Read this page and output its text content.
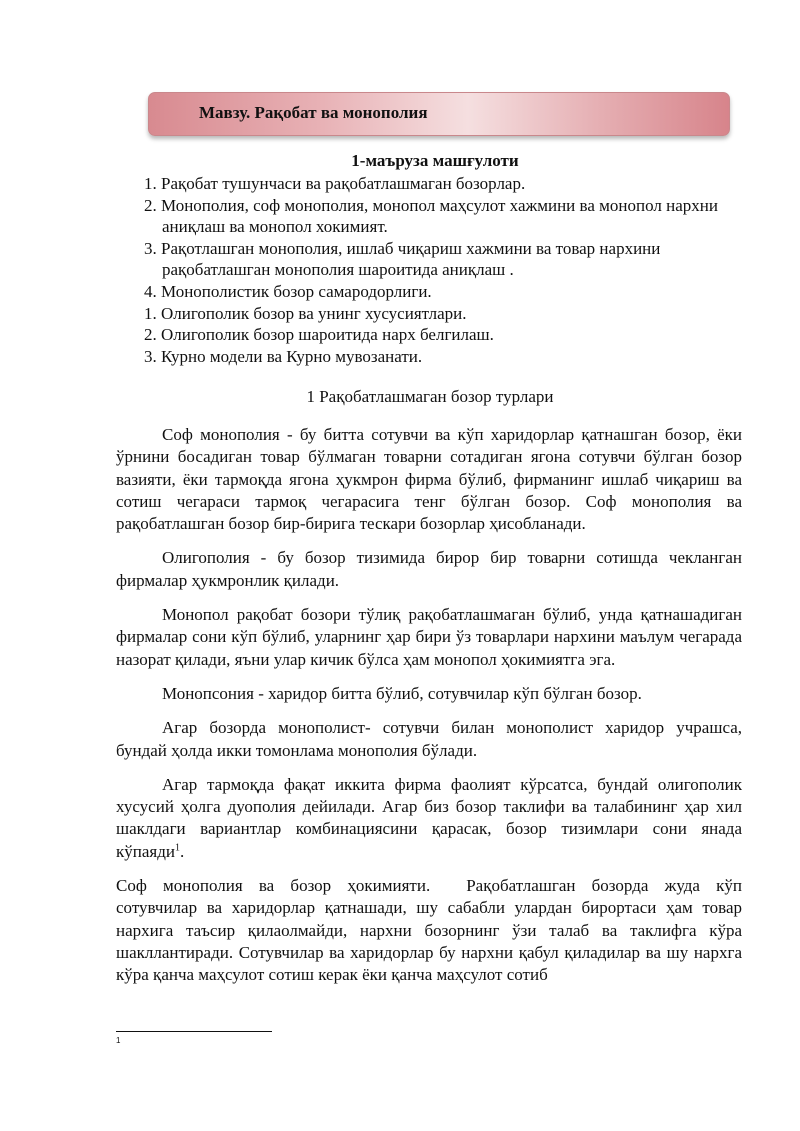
Мавзу. Рақобат ва монополия
1-маъруза машғулоти
1. Рақобат тушунчаси ва рақобатлашмаган бозорлар.
2. Монополия, соф монополия, монопол маҳсулот хажмини ва монопол нархни аниқлаш ва монопол хокимият.
3. Рақотлашган монополия, ишлаб чиқариш хажмини ва товар нархини рақобатлашган монополия шароитида аниқлаш .
4. Монополистик бозор самародорлиги.
1. Олигополик бозор ва унинг хусусиятлари.
2. Олигополик бозор шароитида нарх белгилаш.
3. Курно модели ва Курно мувозанати.
1 Рақобатлашмаган бозор турлари

Соф монополия - бу битта сотувчи ва кўп харидорлар қатнашган бозор, ёки ўрнини босадиган товар бўлмаган товарни сотадиган ягона сотувчи бўлган бозор вазияти, ёки тармоқда ягона ҳукмрон фирма бўлиб, фирманинг ишлаб чиқариш ва сотиш чегараси тармоқ чегарасига тенг бўлган бозор. Соф монополия ва рақобатлашган бозор бир-бирига тескари бозорлар ҳисобланади.

Олигополия - бу бозор тизимида бирор бир товарни сотишда чекланган фирмалар ҳукмронлик қилади.

Монопол рақобат бозори тўлиқ рақобатлашмаган бўлиб, унда қатнашадиган фирмалар сони кўп бўлиб, уларнинг ҳар бири ўз товарлари нархини маълум чегарада назорат қилади, яъни улар кичик бўлса ҳам монопол ҳокимиятга эга.

Монопсония - харидор битта бўлиб, сотувчилар кўп бўлган бозор.

Агар бозорда монополист- сотувчи билан монополист харидор учрашса, бундай ҳолда икки томонлама монополия бўлади.

Агар тармоқда фақат иккита фирма фаолият кўрсатса, бундай олигополик хусусий ҳолга дуополия дейилади. Агар биз бозор таклифи ва талабининг ҳар хил шаклдаги вариантлар комбинациясини қарасак, бозор тизимлари сони янада кўпаяди$^1$.

Соф монополия ва бозор ҳокимияти. Рақобатлашган бозорда жуда кўп сотувчилар ва харидорлар қатнашади, шу сабабли улардан бирортаси ҳам товар нархига таъсир қилаолмайди, нархни бозорнинг ўзи талаб ва таклифга кўра шакллантиради. Сотувчилар ва харидорлар бу нархни қабул қиладилар ва шу нархга кўра қанча маҳсулот сотиш керак ёки қанча маҳсулот сотиб

1
